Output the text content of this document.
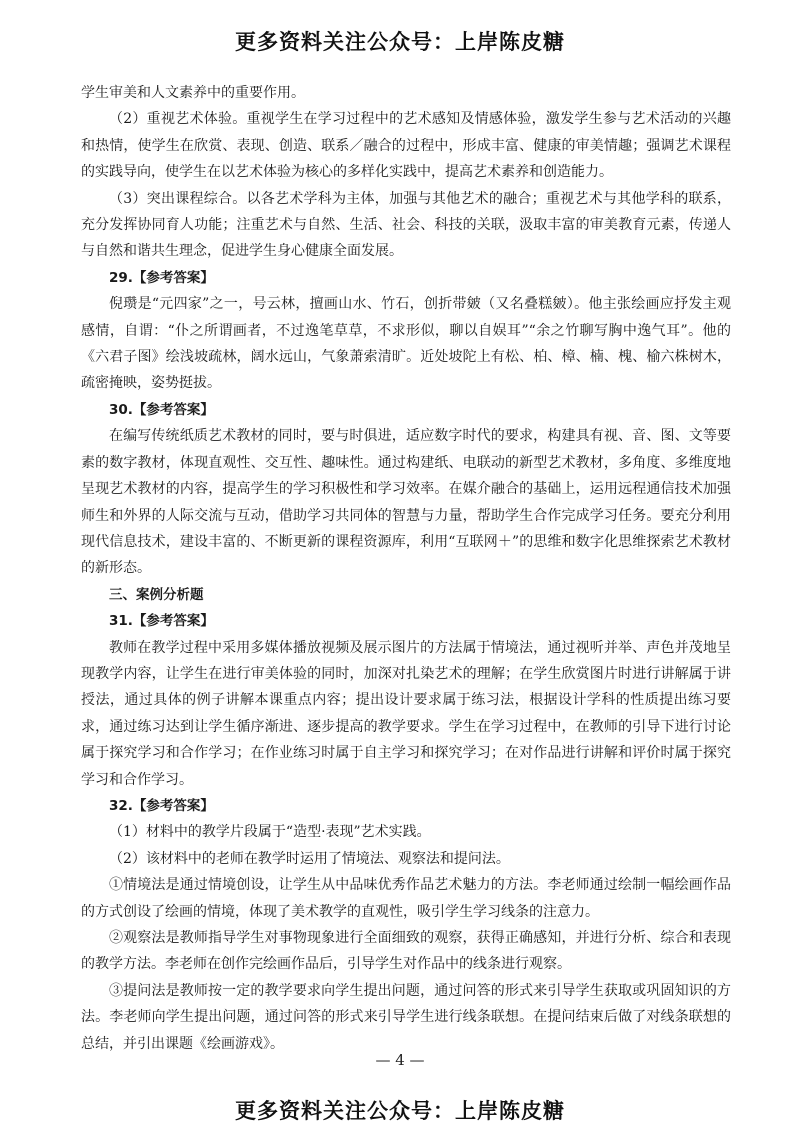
更多资料关注公众号：上岸陈皮糖

学生审美和人文素养中的重要作用。

（2）重视艺术体验。重视学生在学习过程中的艺术感知及情感体验，激发学生参与艺术活动的兴趣和热情，使学生在欣赏、表现、创造、联系／融合的过程中，形成丰富、健康的审美情趣；强调艺术课程的实践导向，使学生在以艺术体验为核心的多样化实践中，提高艺术素养和创造能力。

（3）突出课程综合。以各艺术学科为主体，加强与其他艺术的融合；重视艺术与其他学科的联系，充分发挥协同育人功能；注重艺术与自然、生活、社会、科技的关联，汲取丰富的审美教育元素，传递人与自然和谐共生理念，促进学生身心健康全面发展。

29.【参考答案】

倪瓒是“元四家”之一，号云林，擅画山水、竹石，创折带皴（又名叠糕皴）。他主张绘画应抒发主观感情，自谓：“仆之所谓画者，不过逸笔草草，不求形似，聊以自娱耳”“余之竹聊写胸中逸气耳”。他的《六君子图》绘浅坡疏林，阔水远山，气象萧索清旷。近处坡陀上有松、柏、樟、楠、槐、榆六株树木，疏密掩映，姿势挺拔。

30.【参考答案】

在编写传统纸质艺术教材的同时，要与时俱进，适应数字时代的要求，构建具有视、音、图、文等要素的数字教材，体现直观性、交互性、趣味性。通过构建纸、电联动的新型艺术教材，多角度、多维度地呈现艺术教材的内容，提高学生的学习积极性和学习效率。在媒介融合的基础上，运用远程通信技术加强师生和外界的人际交流与互动，借助学习共同体的智慧与力量，帮助学生合作完成学习任务。要充分利用现代信息技术，建设丰富的、不断更新的课程资源库，利用“互联网＋”的思维和数字化思维探索艺术教材的新形态。

三、案例分析题

31.【参考答案】

教师在教学过程中采用多媒体播放视频及展示图片的方法属于情境法，通过视听并举、声色并茂地呈现教学内容，让学生在进行审美体验的同时，加深对扎染艺术的理解；在学生欣赏图片时进行讲解属于讲授法，通过具体的例子讲解本课重点内容；提出设计要求属于练习法，根据设计学科的性质提出练习要求，通过练习达到让学生循序渐进、逐步提高的教学要求。学生在学习过程中，在教师的引导下进行讨论属于探究学习和合作学习；在作业练习时属于自主学习和探究学习；在对作品进行讲解和评价时属于探究学习和合作学习。

32.【参考答案】

（1）材料中的教学片段属于“造型·表现”艺术实践。

（2）该材料中的老师在教学时运用了情境法、观察法和提问法。

①情境法是通过情境创设，让学生从中品味优秀作品艺术魅力的方法。李老师通过绘制一幅绘画作品的方式创设了绘画的情境，体现了美术教学的直观性，吸引学生学习线条的注意力。

②观察法是教师指导学生对事物现象进行全面细致的观察，获得正确感知，并进行分析、综合和表现的教学方法。李老师在创作完绘画作品后，引导学生对作品中的线条进行观察。

③提问法是教师按一定的教学要求向学生提出问题，通过问答的形式来引导学生获取或巩固知识的方法。李老师向学生提出问题，通过问答的形式来引导学生进行线条联想。在提问结束后做了对线条联想的总结，并引出课题《绘画游戏》。

— 4 —
更多资料关注公众号：上岸陈皮糖
